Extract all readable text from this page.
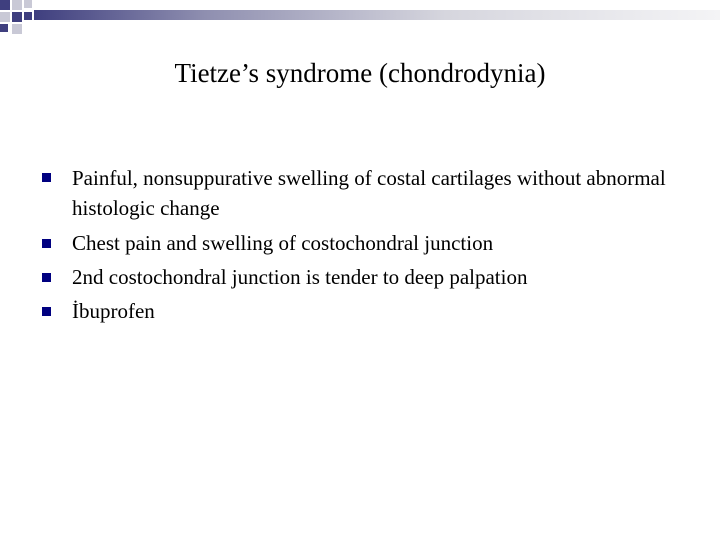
Tietze’s syndrome (chondrodynia)
Painful, nonsuppurative swelling of costal cartilages without abnormal histologic change
Chest pain and swelling of costochondral junction
2nd costochondral junction is tender to deep palpation
İbuprofen
